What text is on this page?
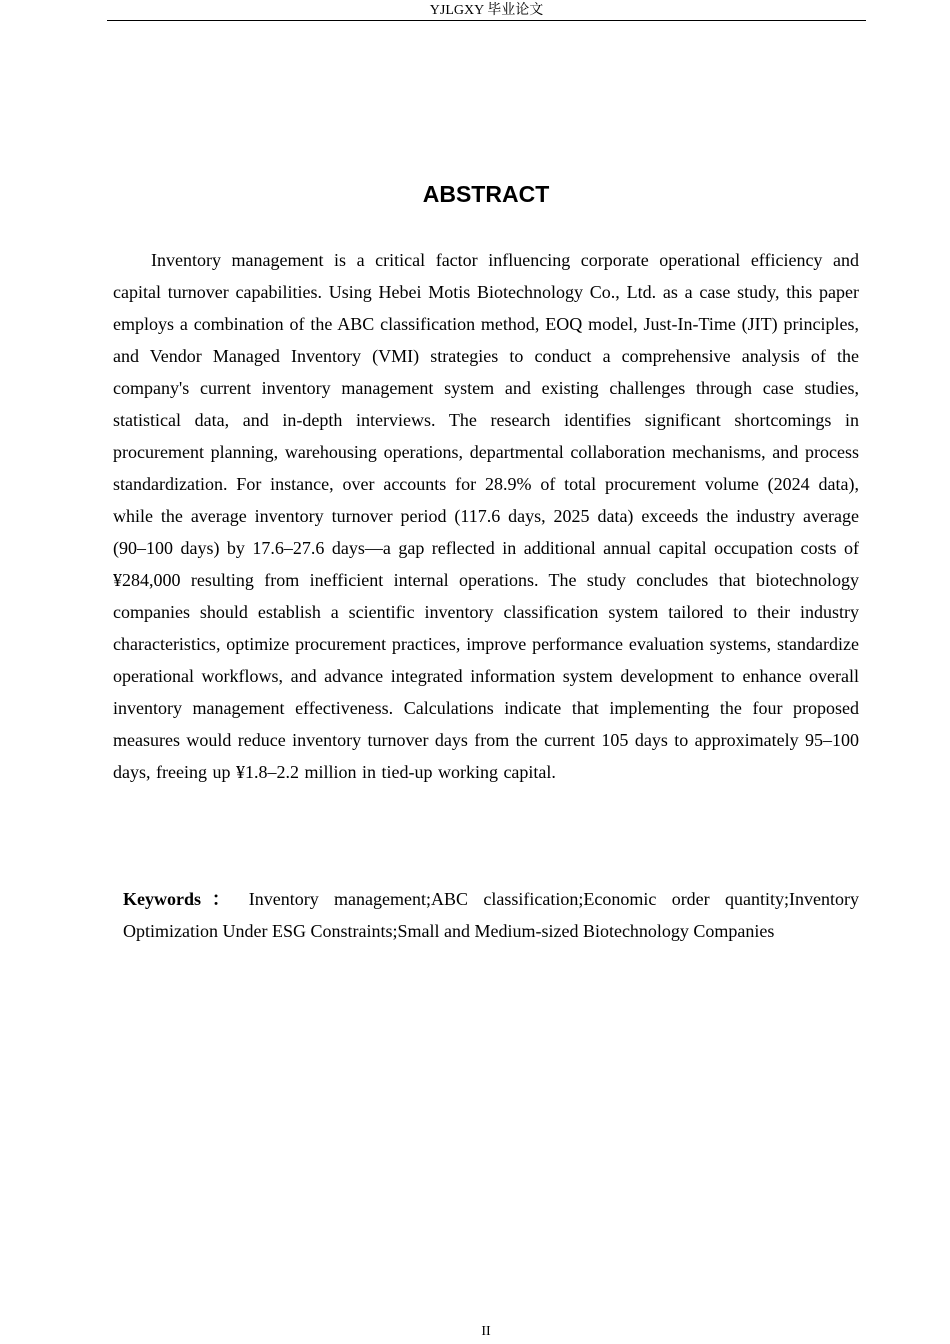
YJLGXY 毕业论文
ABSTRACT

Inventory management is a critical factor influencing corporate operational efficiency and capital turnover capabilities. Using Hebei Motis Biotechnology Co., Ltd. as a case study, this paper employs a combination of the ABC classification method, EOQ model, Just-In-Time (JIT) principles, and Vendor Managed Inventory (VMI) strategies to conduct a comprehensive analysis of the company's current inventory management system and existing challenges through case studies, statistical data, and in-depth interviews. The research identifies significant shortcomings in procurement planning, warehousing operations, departmental collaboration mechanisms, and process standardization. For instance, over accounts for 28.9% of total procurement volume (2024 data), while the average inventory turnover period (117.6 days, 2025 data) exceeds the industry average (90–100 days) by 17.6–27.6 days—a gap reflected in additional annual capital occupation costs of ¥284,000 resulting from inefficient internal operations. The study concludes that biotechnology companies should establish a scientific inventory classification system tailored to their industry characteristics, optimize procurement practices, improve performance evaluation systems, standardize operational workflows, and advance integrated information system development to enhance overall inventory management effectiveness. Calculations indicate that implementing the four proposed measures would reduce inventory turnover days from the current 105 days to approximately 95–100 days, freeing up ¥1.8–2.2 million in tied-up working capital.

Keywords： Inventory management;ABC classification;Economic order quantity;Inventory Optimization Under ESG Constraints;Small and Medium-sized Biotechnology Companies

II
